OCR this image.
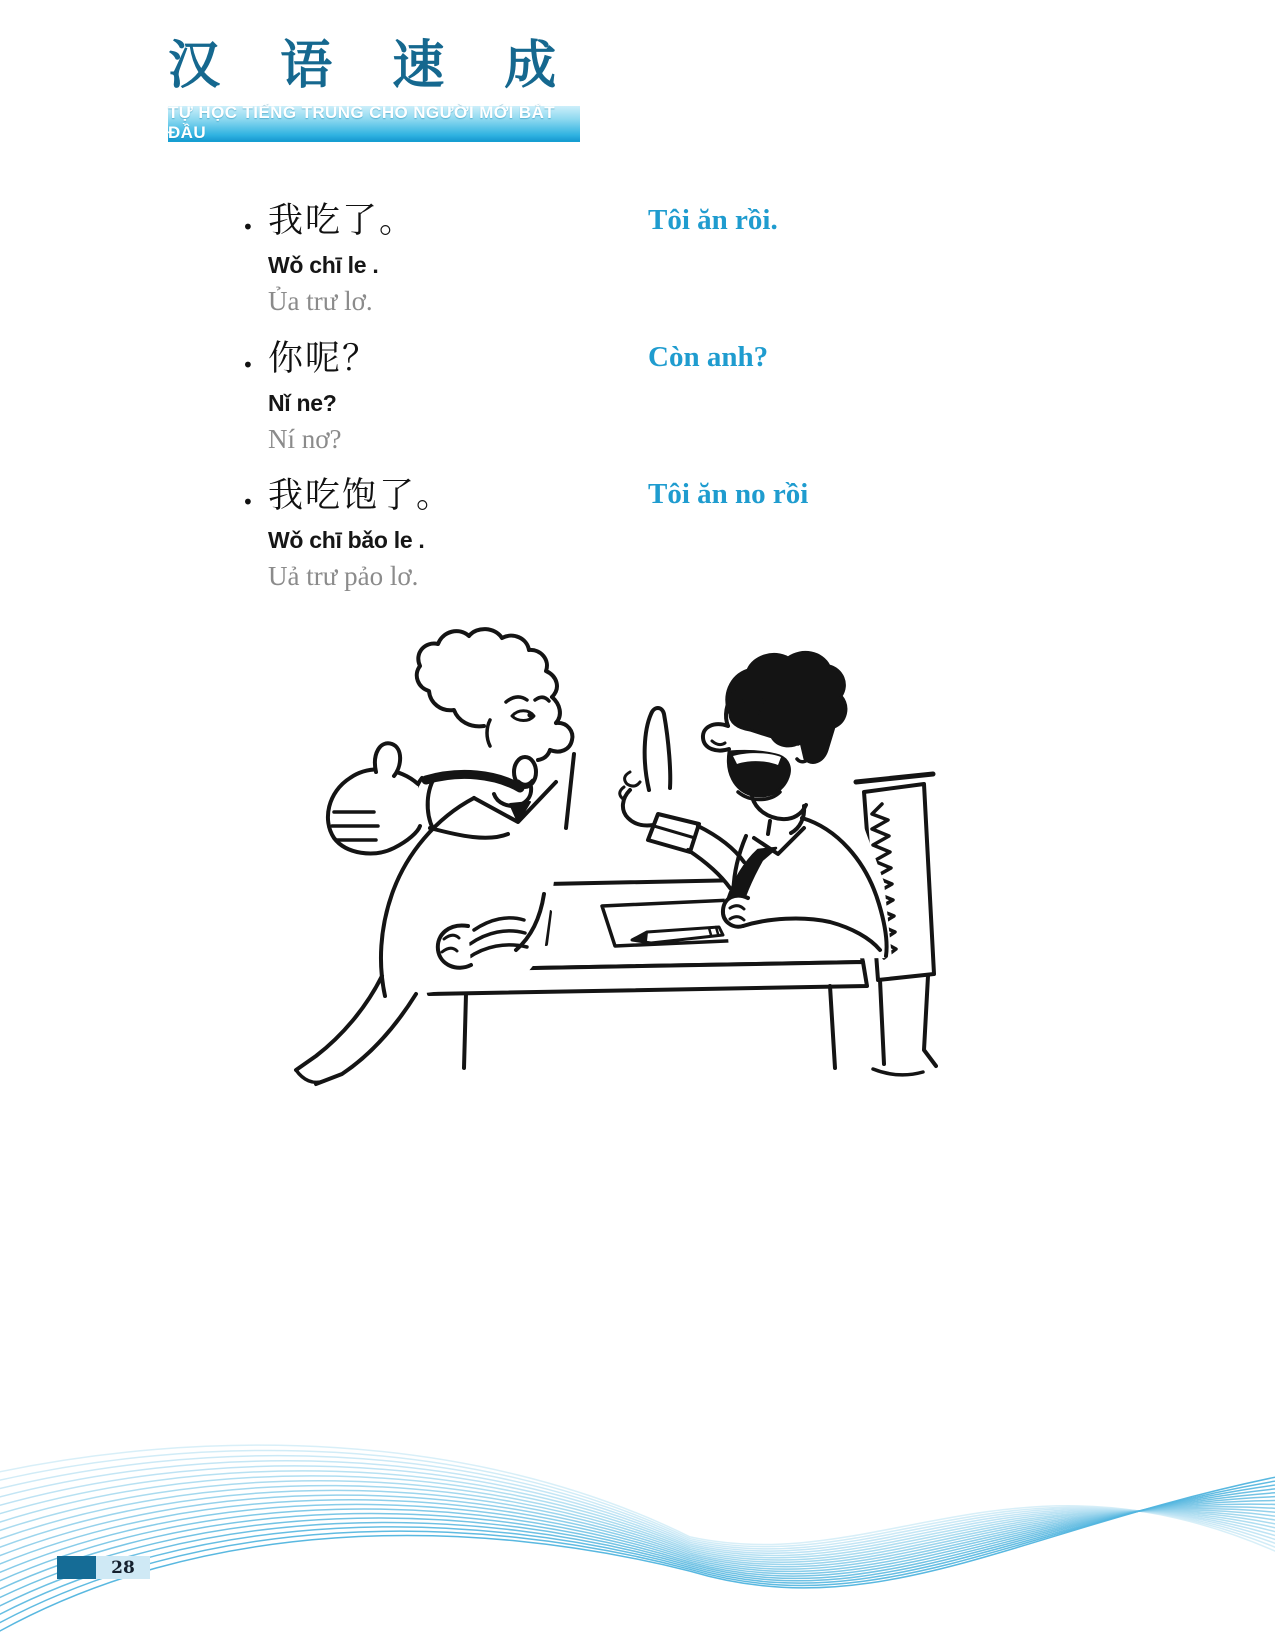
汉 语 速 成
TỰ HỌC TIẾNG TRUNG CHO NGƯỜI MỚI BẮT ĐẦU
• 我吃了。
Wǒ chī le .
Ủa trư lơ.
Tôi ăn rồi.
• 你呢？
Nǐ ne?
Ní nơ?
Còn anh?
• 我吃饱了。
Wǒ chī bǎo le .
Uả trư pảo lơ.
Tôi ăn no rồi
28
